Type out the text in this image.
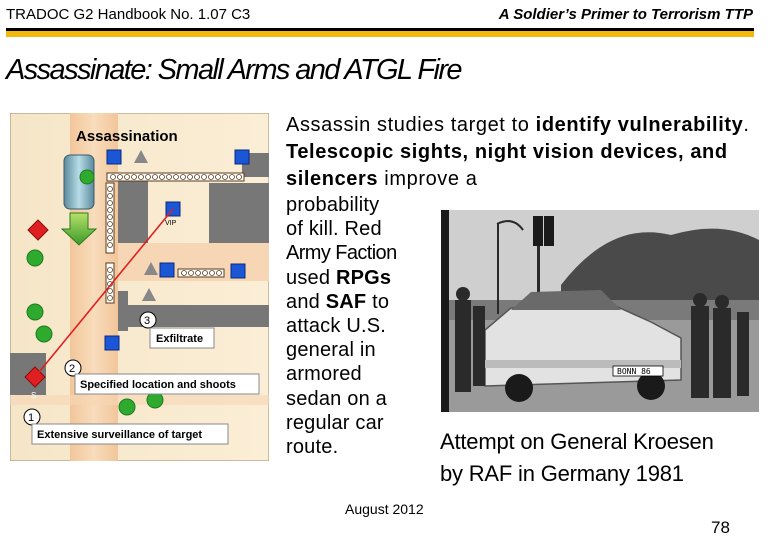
TRADOC G2 Handbook No. 1.07 C3	A Soldier’s Primer to Terrorism TTP
Assassinate: Small Arms and ATGL Fire
Assassin studies target to identify vulnerability. Telescopic sights, night vision devices, and silencers improve a
probability
of kill. Red
Army Faction
used RPGs
and SAF to
attack U.S.
general in
armored
sedan on a
regular car
route.
Assassination
VIP
S
3
Exfiltrate
2
Specified location and shoots
1
Extensive surveillance of target
BONN 86
Attempt on General Kroesen
by RAF in Germany 1981
August 2012
78
